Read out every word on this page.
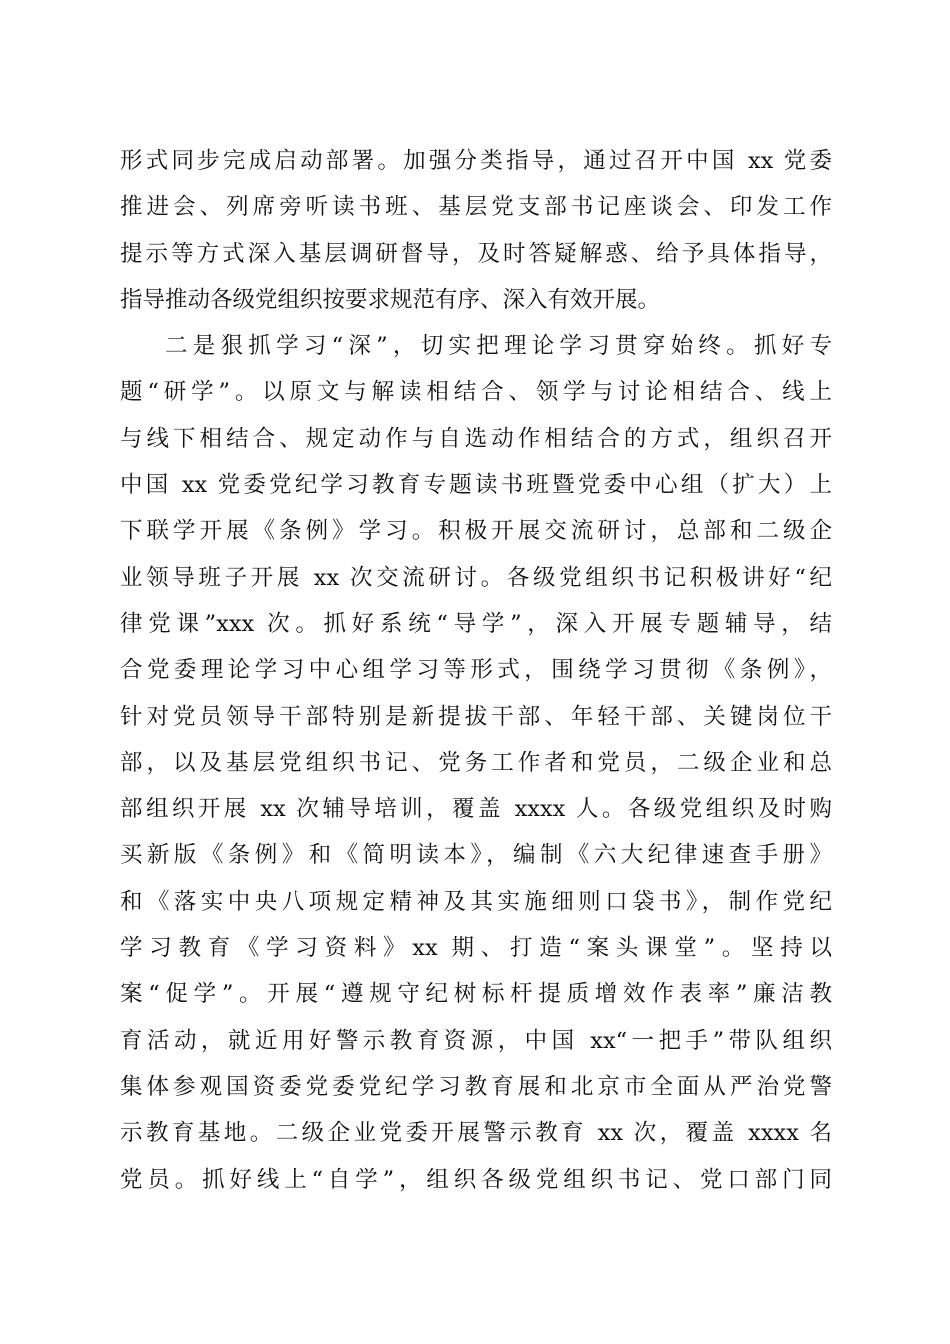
形式同步完成启动部署。加强分类指导，通过召开中国 xx 党委
推进会、列席旁听读书班、基层党支部书记座谈会、印发工作
提示等方式深入基层调研督导，及时答疑解惑、给予具体指导，
指导推动各级党组织按要求规范有序、深入有效开展。
二是狠抓学习“深”，切实把理论学习贯穿始终。抓好专
题“研学”。以原文与解读相结合、领学与讨论相结合、线上
与线下相结合、规定动作与自选动作相结合的方式，组织召开
中国 xx 党委党纪学习教育专题读书班暨党委中心组（扩大）上
下联学开展《条例》学习。积极开展交流研讨，总部和二级企
业领导班子开展 xx 次交流研讨。各级党组织书记积极讲好“纪
律党课”xxx 次。抓好系统“导学”，深入开展专题辅导，结
合党委理论学习中心组学习等形式，围绕学习贯彻《条例》，
针对党员领导干部特别是新提拔干部、年轻干部、关键岗位干
部，以及基层党组织书记、党务工作者和党员，二级企业和总
部组织开展 xx 次辅导培训，覆盖 xxxx 人。各级党组织及时购
买新版《条例》和《简明读本》，编制《六大纪律速查手册》
和《落实中央八项规定精神及其实施细则口袋书》，制作党纪
学习教育《学习资料》xx 期、打造“案头课堂”。坚持以
案“促学”。开展“遵规守纪树标杆提质增效作表率”廉洁教
育活动，就近用好警示教育资源，中国 xx“一把手”带队组织
集体参观国资委党委党纪学习教育展和北京市全面从严治党警
示教育基地。二级企业党委开展警示教育 xx 次，覆盖 xxxx 名
党员。抓好线上“自学”，组织各级党组织书记、党口部门同
